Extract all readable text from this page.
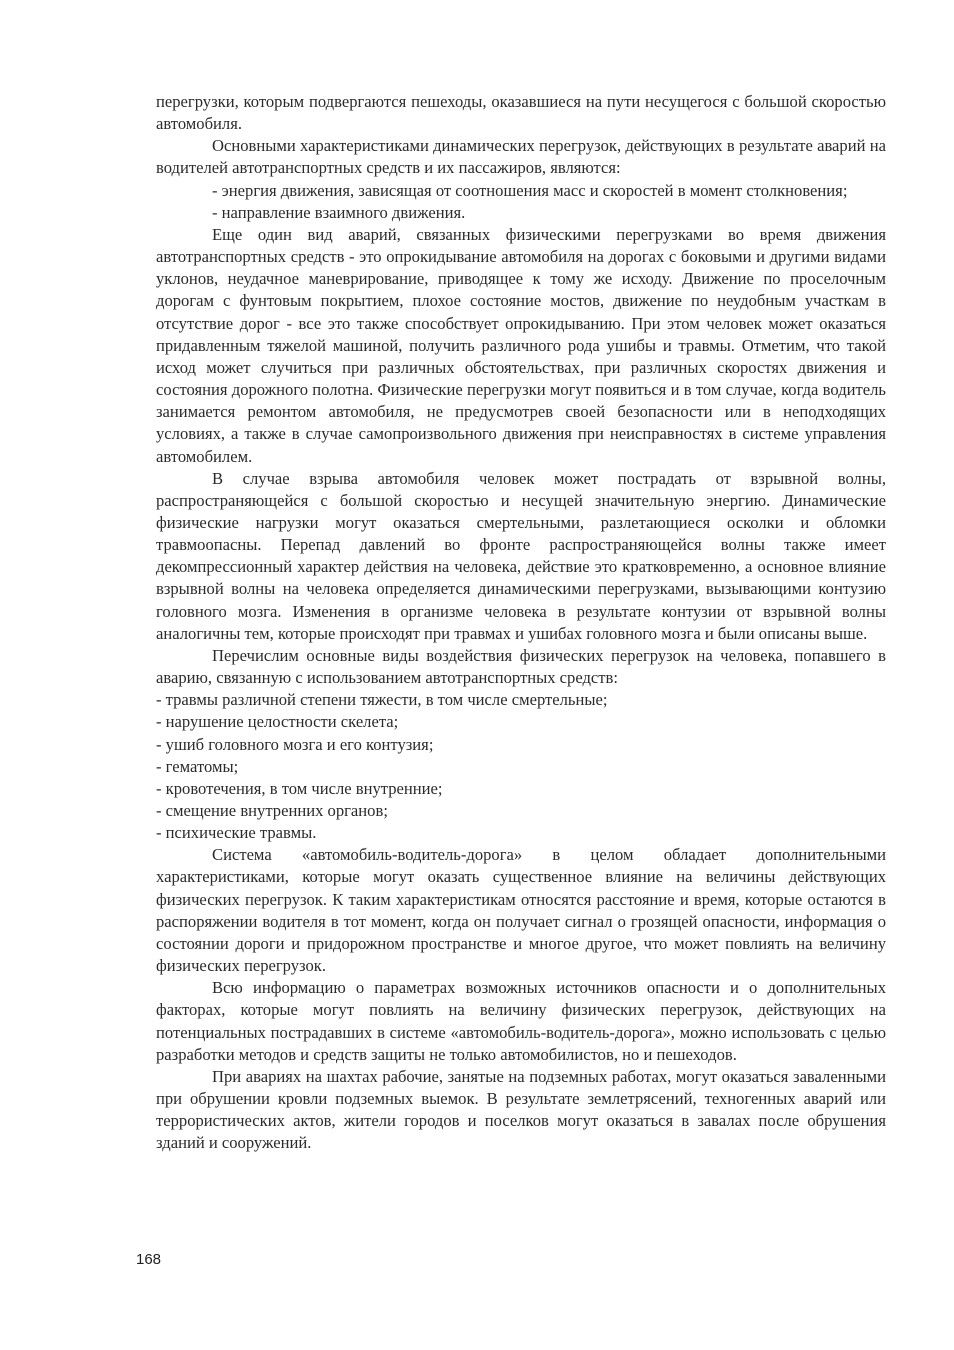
перегрузки, которым подвергаются пешеходы, оказавшиеся на пути несущегося с большой скоростью автомобиля.

Основными характеристиками динамических перегрузок, действующих в результате аварий на водителей автотранспортных средств и их пассажиров, являются:

- энергия движения, зависящая от соотношения масс и скоростей в момент столкновения;

- направление взаимного движения.

Еще один вид аварий, связанных физическими перегрузками во время движения автотранспортных средств - это опрокидывание автомобиля на дорогах с боковыми и другими видами уклонов, неудачное маневрирование, приводящее к тому же исходу. Движение по проселочным дорогам с фунтовым покрытием, плохое состояние мостов, движение по неудобным участкам в отсутствие дорог - все это также способствует опрокидыванию. При этом человек может оказаться придавленным тяжелой машиной, получить различного рода ушибы и травмы. Отметим, что такой исход может случиться при различных обстоятельствах, при различных скоростях движения и состояния дорожного полотна. Физические перегрузки могут появиться и в том случае, когда водитель занимается ремонтом автомобиля, не предусмотрев своей безопасности или в неподходящих условиях, а также в случае самопроизвольного движения при неисправностях в системе управления автомобилем.

В случае взрыва автомобиля человек может пострадать от взрывной волны, распространяющейся с большой скоростью и несущей значительную энергию. Динамические физические нагрузки могут оказаться смертельными, разлетающиеся осколки и обломки травмоопасны. Перепад давлений во фронте распространяющейся волны также имеет декомпрессионный характер действия на человека, действие это кратковременно, а основное влияние взрывной волны на человека определяется динамическими перегрузками, вызывающими контузию головного мозга. Изменения в организме человека в результате контузии от взрывной волны аналогичны тем, которые происходят при травмах и ушибах головного мозга и были описаны выше.

Перечислим основные виды воздействия физических перегрузок на человека, попавшего в аварию, связанную с использованием автотранспортных средств:

- травмы различной степени тяжести, в том числе смертельные;

- нарушение целостности скелета;

- ушиб головного мозга и его контузия;

- гематомы;

- кровотечения, в том числе внутренние;

- смещение внутренних органов;

- психические травмы.

Система «автомобиль-водитель-дорога» в целом обладает дополнительными характеристиками, которые могут оказать существенное влияние на величины действующих физических перегрузок. К таким характеристикам относятся расстояние и время, которые остаются в распоряжении водителя в тот момент, когда он получает сигнал о грозящей опасности, информация о состоянии дороги и придорожном пространстве и многое другое, что может повлиять на величину физических перегрузок.

Всю информацию о параметрах возможных источников опасности и о дополнительных факторах, которые могут повлиять на величину физических перегрузок, действующих на потенциальных пострадавших в системе «автомобиль-водитель-дорога», можно использовать с целью разработки методов и средств защиты не только автомобилистов, но и пешеходов.

При авариях на шахтах рабочие, занятые на подземных работах, могут оказаться заваленными при обрушении кровли подземных выемок. В результате землетрясений, техногенных аварий или террористических актов, жители городов и поселков могут оказаться в завалах после обрушения зданий и сооружений.

168
